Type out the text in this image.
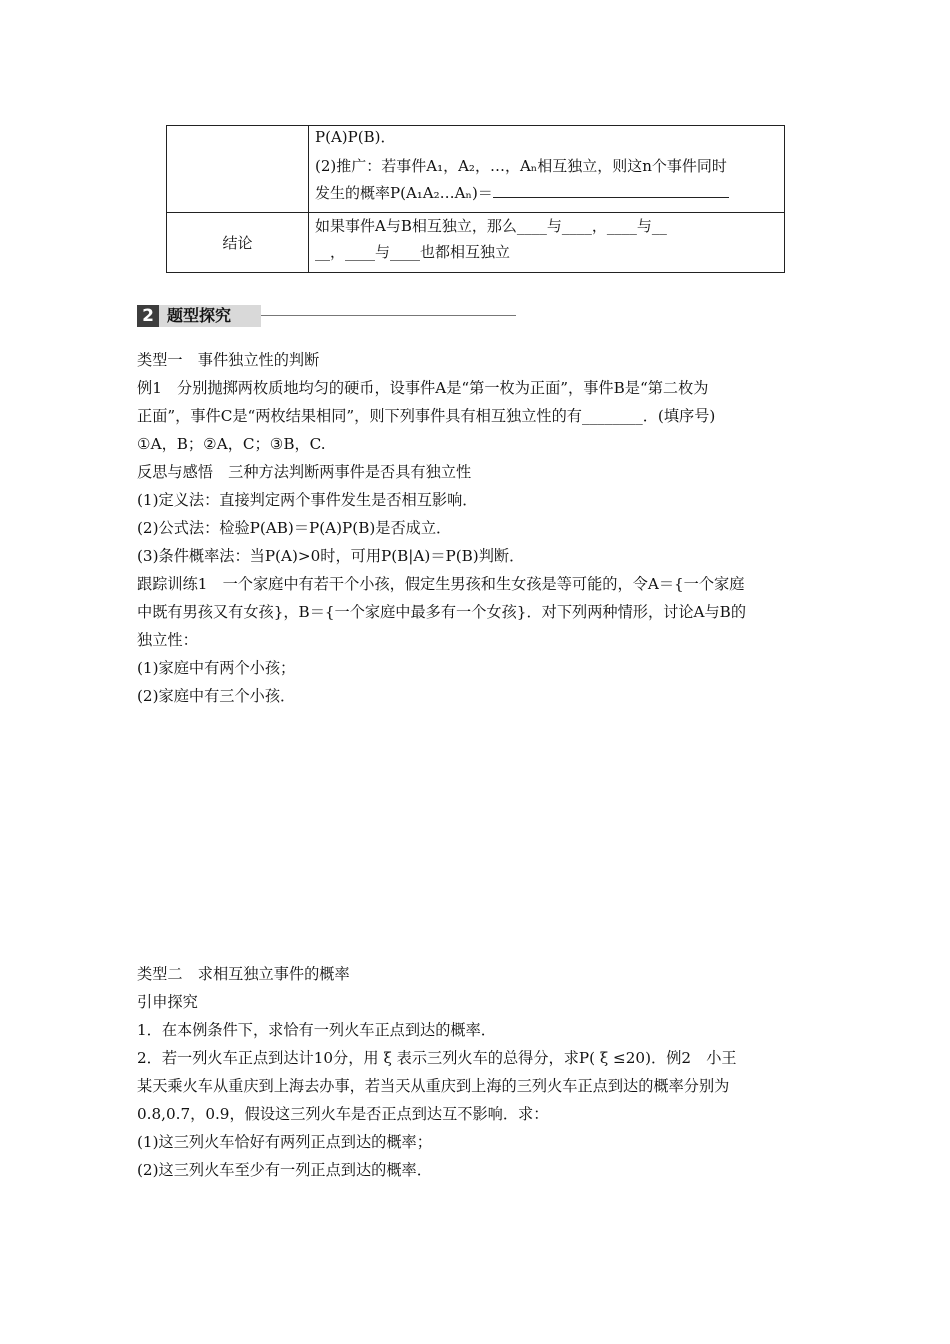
	P(A)P(B)．
(2)推广：若事件A₁，A₂，…，Aₙ相互独立，则这n个事件同时
发生的概率P(A₁A₂…Aₙ)＝

结论	如果事件A与B相互独立，那么____与____，____与__
__，____与____也都相互独立
2 题型探究
类型一　事件独立性的判断
例1　分别抛掷两枚质地均匀的硬币，设事件A是“第一枚为正面”，事件B是“第二枚为
正面”，事件C是“两枚结果相同”，则下列事件具有相互独立性的有________．(填序号)
①A，B；②A，C；③B，C.
反思与感悟　三种方法判断两事件是否具有独立性
(1)定义法：直接判定两个事件发生是否相互影响．
(2)公式法：检验P(AB)＝P(A)P(B)是否成立．
(3)条件概率法：当P(A)>0时，可用P(B|A)＝P(B)判断．
跟踪训练1　一个家庭中有若干个小孩，假定生男孩和生女孩是等可能的，令A＝{一个家庭
中既有男孩又有女孩}，B＝{一个家庭中最多有一个女孩}．对下列两种情形，讨论A与B的
独立性：
(1)家庭中有两个小孩；
(2)家庭中有三个小孩．
类型二　求相互独立事件的概率
引申探究
1．在本例条件下，求恰有一列火车正点到达的概率．
2．若一列火车正点到达计10分，用 ξ 表示三列火车的总得分，求P( ξ ≤20)．例2　小王
某天乘火车从重庆到上海去办事，若当天从重庆到上海的三列火车正点到达的概率分别为
0.8,0.7，0.9，假设这三列火车是否正点到达互不影响．求：
(1)这三列火车恰好有两列正点到达的概率；
(2)这三列火车至少有一列正点到达的概率．
